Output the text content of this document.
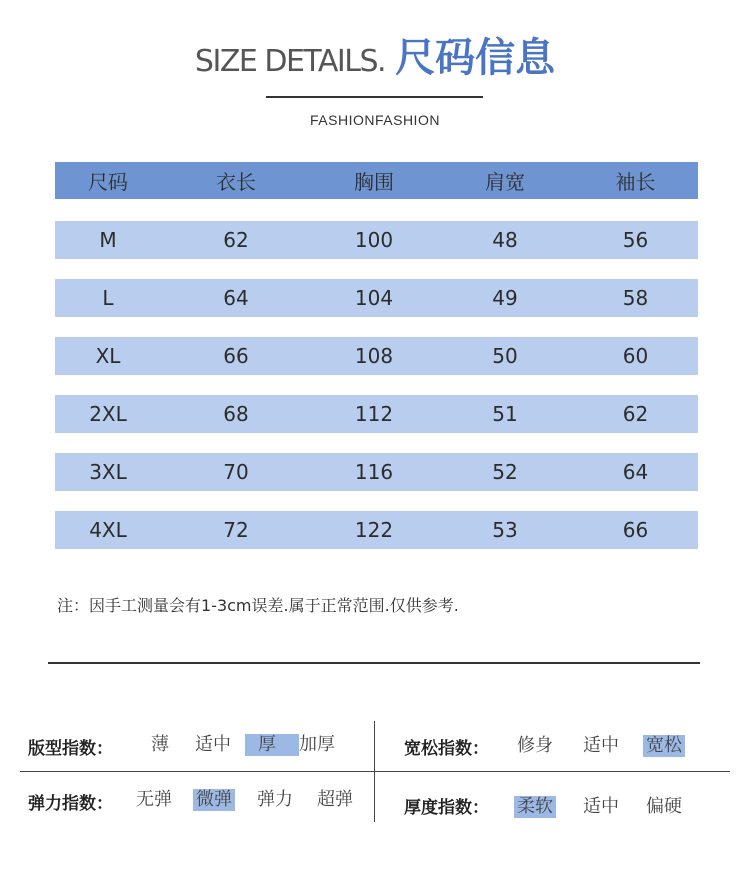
SIZE DETAILS. 尺码信息
FASHIONFASHION
尺码	衣长	胸围	肩宽	袖长
M	62	100	48	56
L	64	104	49	58
XL	66	108	50	60
2XL	68	112	51	62
3XL	70	116	52	64
4XL	72	122	53	66
注：因手工测量会有1-3cm误差.属于正常范围.仅供参考.
版型指数： 薄 适中	厚	加厚	宽松指数： 修身 适中 宽松
弹力指数： 无弹 微弹 弹力 超弹	厚度指数： 柔软 适中 偏硬
